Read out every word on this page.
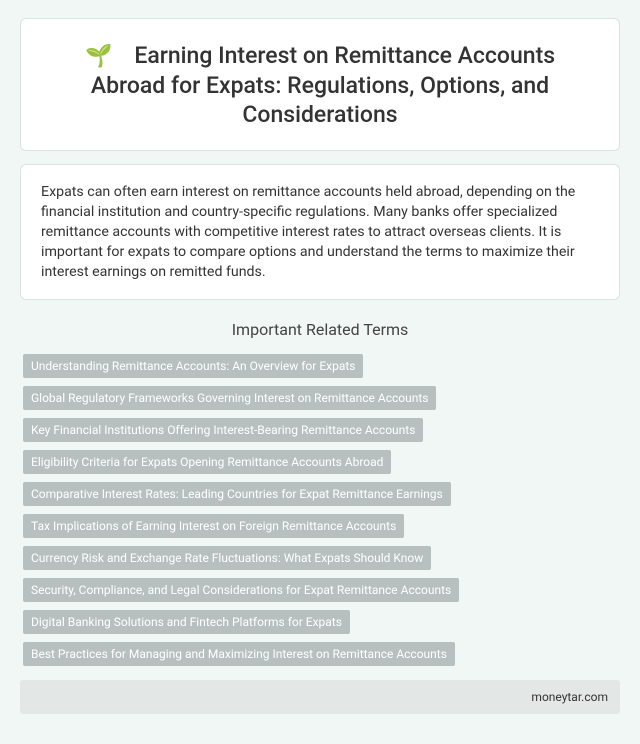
🌱 Earning Interest on Remittance Accounts Abroad for Expats: Regulations, Options, and Considerations

Expats can often earn interest on remittance accounts held abroad, depending on the financial institution and country-specific regulations. Many banks offer specialized remittance accounts with competitive interest rates to attract overseas clients. It is important for expats to compare options and understand the terms to maximize their interest earnings on remitted funds.

Important Related Terms
Understanding Remittance Accounts: An Overview for Expats
Global Regulatory Frameworks Governing Interest on Remittance Accounts
Key Financial Institutions Offering Interest-Bearing Remittance Accounts
Eligibility Criteria for Expats Opening Remittance Accounts Abroad
Comparative Interest Rates: Leading Countries for Expat Remittance Earnings
Tax Implications of Earning Interest on Foreign Remittance Accounts
Currency Risk and Exchange Rate Fluctuations: What Expats Should Know
Security, Compliance, and Legal Considerations for Expat Remittance Accounts
Digital Banking Solutions and Fintech Platforms for Expats
Best Practices for Managing and Maximizing Interest on Remittance Accounts
moneytar.com
